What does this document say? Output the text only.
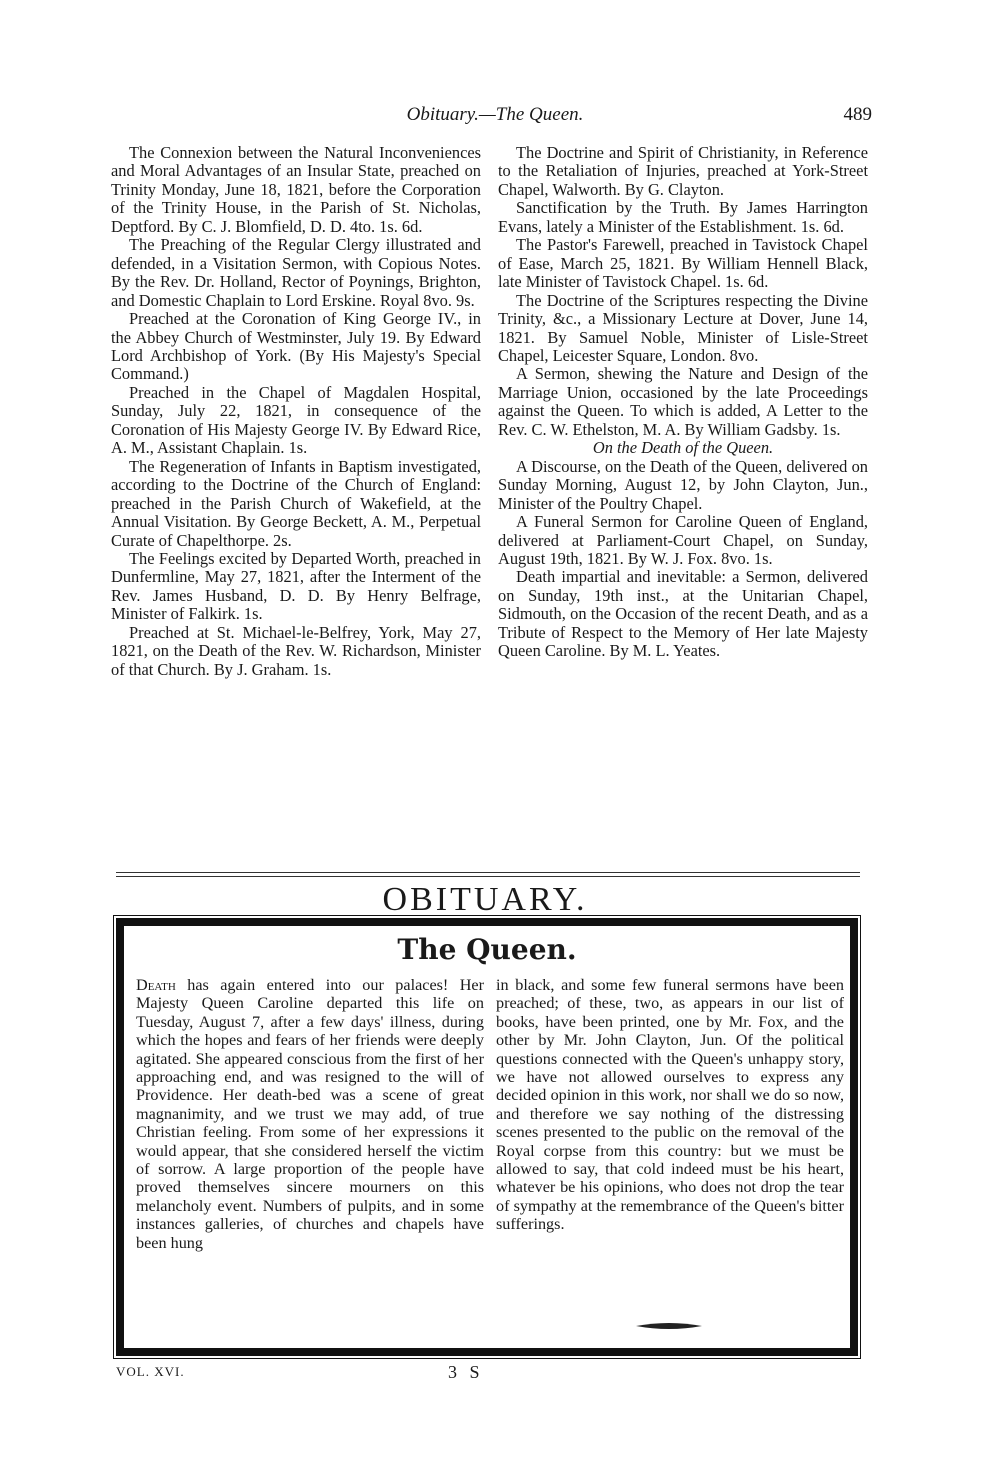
Obituary.—The Queen.	489

The Connexion between the Natural Inconveniences and Moral Advantages of an Insular State, preached on Trinity Monday, June 18, 1821, before the Corporation of the Trinity House, in the Parish of St. Nicholas, Deptford. By C. J. Blomfield, D. D. 4to. 1s. 6d.

The Preaching of the Regular Clergy illustrated and defended, in a Visitation Sermon, with Copious Notes. By the Rev. Dr. Holland, Rector of Poynings, Brighton, and Domestic Chaplain to Lord Erskine. Royal 8vo. 9s.

Preached at the Coronation of King George IV., in the Abbey Church of Westminster, July 19. By Edward Lord Archbishop of York. (By His Majesty's Special Command.)

Preached in the Chapel of Magdalen Hospital, Sunday, July 22, 1821, in consequence of the Coronation of His Majesty George IV. By Edward Rice, A. M., Assistant Chaplain. 1s.

The Regeneration of Infants in Baptism investigated, according to the Doctrine of the Church of England: preached in the Parish Church of Wakefield, at the Annual Visitation. By George Beckett, A. M., Perpetual Curate of Chapelthorpe. 2s.

The Feelings excited by Departed Worth, preached in Dunfermline, May 27, 1821, after the Interment of the Rev. James Husband, D. D. By Henry Belfrage, Minister of Falkirk. 1s.

Preached at St. Michael-le-Belfrey, York, May 27, 1821, on the Death of the Rev. W. Richardson, Minister of that Church. By J. Graham. 1s.

The Doctrine and Spirit of Christianity, in Reference to the Retaliation of Injuries, preached at York-Street Chapel, Walworth. By G. Clayton.

Sanctification by the Truth. By James Harrington Evans, lately a Minister of the Establishment. 1s. 6d.

The Pastor's Farewell, preached in Tavistock Chapel of Ease, March 25, 1821. By William Hennell Black, late Minister of Tavistock Chapel. 1s. 6d.

The Doctrine of the Scriptures respecting the Divine Trinity, &c., a Missionary Lecture at Dover, June 14, 1821. By Samuel Noble, Minister of Lisle-Street Chapel, Leicester Square, London. 8vo.

A Sermon, shewing the Nature and Design of the Marriage Union, occasioned by the late Proceedings against the Queen. To which is added, A Letter to the Rev. C. W. Ethelston, M. A. By William Gadsby. 1s.

On the Death of the Queen.

A Discourse, on the Death of the Queen, delivered on Sunday Morning, August 12, by John Clayton, Jun., Minister of the Poultry Chapel.

A Funeral Sermon for Caroline Queen of England, delivered at Parliament-Court Chapel, on Sunday, August 19th, 1821. By W. J. Fox. 8vo. 1s.

Death impartial and inevitable: a Sermon, delivered on Sunday, 19th inst., at the Unitarian Chapel, Sidmouth, on the Occasion of the recent Death, and as a Tribute of Respect to the Memory of Her late Majesty Queen Caroline. By M. L. Yeates.

OBITUARY.
The Queen.

Death has again entered into our palaces! Her Majesty Queen Caroline departed this life on Tuesday, August 7, after a few days' illness, during which the hopes and fears of her friends were deeply agitated. She appeared conscious from the first of her approaching end, and was resigned to the will of Providence. Her death-bed was a scene of great magnanimity, and we trust we may add, of true Christian feeling. From some of her expressions it would appear, that she considered herself the victim of sorrow. A large proportion of the people have proved themselves sincere mourners on this melancholy event. Numbers of pulpits, and in some instances galleries, of churches and chapels have been hung

in black, and some few funeral sermons have been preached; of these, two, as appears in our list of books, have been printed, one by Mr. Fox, and the other by Mr. John Clayton, Jun. Of the political questions connected with the Queen's unhappy story, we have not allowed ourselves to express any decided opinion in this work, nor shall we do so now, and therefore we say nothing of the distressing scenes presented to the public on the removal of the Royal corpse from this country: but we must be allowed to say, that cold indeed must be his heart, whatever be his opinions, who does not drop the tear of sympathy at the remembrance of the Queen's bitter sufferings.

VOL. XVI.	3 S
